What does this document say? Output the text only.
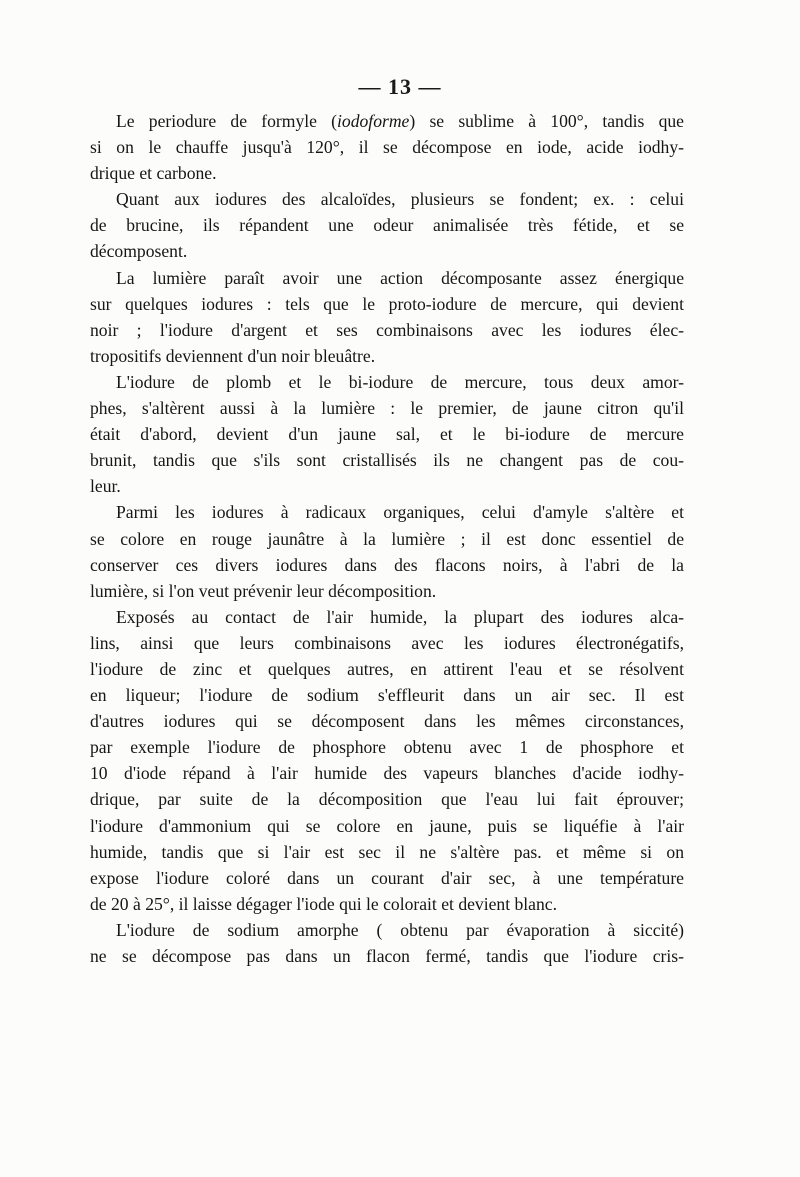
— 13 —

Le periodure de formyle (iodoforme) se sublime à 100°, tandis que
si on le chauffe jusqu'à 120°, il se décompose en iode, acide iodhy-
drique et carbone.

Quant aux iodures des alcaloïdes, plusieurs se fondent; ex. : celui
de brucine, ils répandent une odeur animalisée très fétide, et se
décomposent.

La lumière paraît avoir une action décomposante assez énergique
sur quelques iodures : tels que le proto-iodure de mercure, qui devient
noir ; l'iodure d'argent et ses combinaisons avec les iodures élec-
tropositifs deviennent d'un noir bleuâtre.

L'iodure de plomb et le bi-iodure de mercure, tous deux amor-
phes, s'altèrent aussi à la lumière : le premier, de jaune citron qu'il
était d'abord, devient d'un jaune sal, et le bi-iodure de mercure
brunit, tandis que s'ils sont cristallisés ils ne changent pas de cou-
leur.

Parmi les iodures à radicaux organiques, celui d'amyle s'altère et
se colore en rouge jaunâtre à la lumière ; il est donc essentiel de
conserver ces divers iodures dans des flacons noirs, à l'abri de la
lumière, si l'on veut prévenir leur décomposition.

Exposés au contact de l'air humide, la plupart des iodures alca-
lins, ainsi que leurs combinaisons avec les iodures électronégatifs,
l'iodure de zinc et quelques autres, en attirent l'eau et se résolvent
en liqueur; l'iodure de sodium s'effleurit dans un air sec. Il est
d'autres iodures qui se décomposent dans les mêmes circonstances,
par exemple l'iodure de phosphore obtenu avec 1 de phosphore et
10 d'iode répand à l'air humide des vapeurs blanches d'acide iodhy-
drique, par suite de la décomposition que l'eau lui fait éprouver;
l'iodure d'ammonium qui se colore en jaune, puis se liquéfie à l'air
humide, tandis que si l'air est sec il ne s'altère pas. et même si on
expose l'iodure coloré dans un courant d'air sec, à une température
de 20 à 25°, il laisse dégager l'iode qui le colorait et devient blanc.

L'iodure de sodium amorphe ( obtenu par évaporation à siccité)
ne se décompose pas dans un flacon fermé, tandis que l'iodure cris-
